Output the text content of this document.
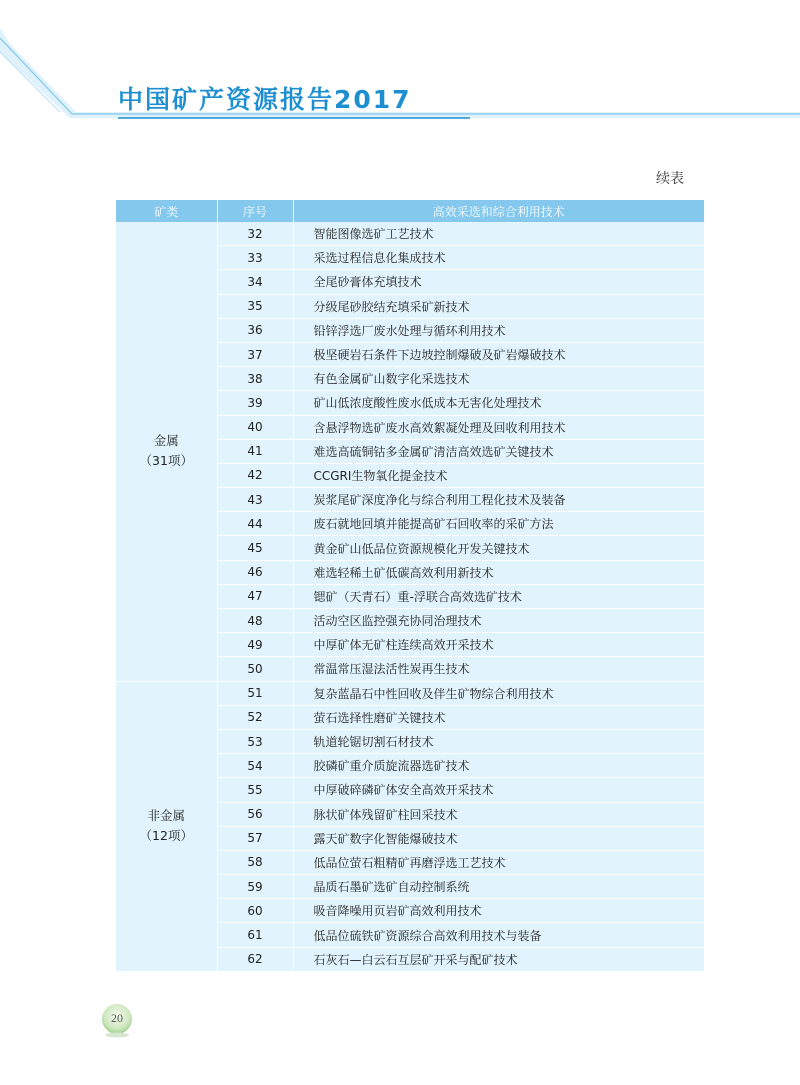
中国矿产资源报告2017
续表
矿类	序号	高效采选和综合利用技术

金属
（31项）	32	智能图像选矿工艺技术
	33	采选过程信息化集成技术
	34	全尾砂膏体充填技术
	35	分级尾砂胶结充填采矿新技术
	36	铅锌浮选厂废水处理与循环利用技术
	37	极坚硬岩石条件下边坡控制爆破及矿岩爆破技术
	38	有色金属矿山数字化采选技术
	39	矿山低浓度酸性废水低成本无害化处理技术
	40	含悬浮物选矿废水高效絮凝处理及回收利用技术
	41	难选高硫铜钴多金属矿清洁高效选矿关键技术
	42	CCGRI生物氧化提金技术
	43	炭浆尾矿深度净化与综合利用工程化技术及装备
	44	废石就地回填并能提高矿石回收率的采矿方法
	45	黄金矿山低品位资源规模化开发关键技术
	46	难选轻稀土矿低碳高效利用新技术
	47	锶矿（天青石）重-浮联合高效选矿技术
	48	活动空区监控强充协同治理技术
	49	中厚矿体无矿柱连续高效开采技术
	50	常温常压湿法活性炭再生技术

非金属
（12项）	51	复杂蓝晶石中性回收及伴生矿物综合利用技术
	52	萤石选择性磨矿关键技术
	53	轨道轮锯切割石材技术
	54	胶磷矿重介质旋流器选矿技术
	55	中厚破碎磷矿体安全高效开采技术
	56	脉状矿体残留矿柱回采技术
	57	露天矿数字化智能爆破技术
	58	低品位萤石粗精矿再磨浮选工艺技术
	59	晶质石墨矿选矿自动控制系统
	60	吸音降噪用页岩矿高效利用技术
	61	低品位硫铁矿资源综合高效利用技术与装备
	62	石灰石—白云石互层矿开采与配矿技术
20
